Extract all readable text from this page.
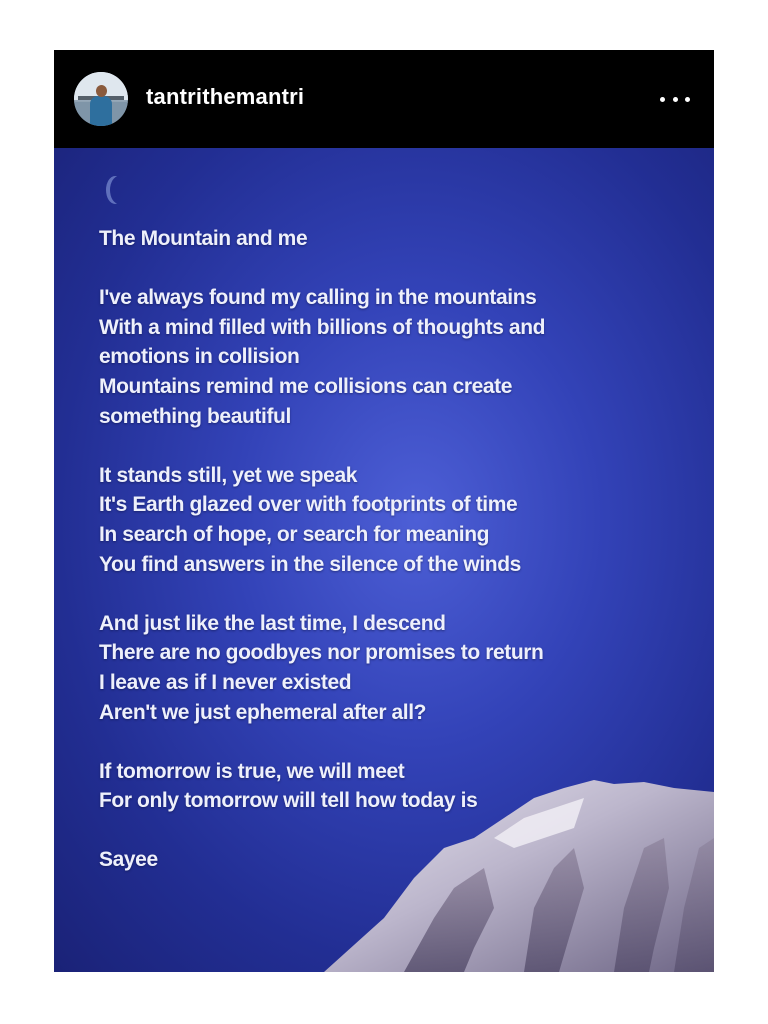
tantrithemantri
The Mountain and me
I've always found my calling in the mountains
With a mind filled with billions of thoughts and
emotions in collision
Mountains remind me collisions can create
something beautiful
It stands still, yet we speak
It's Earth glazed over with footprints of time
In search of hope, or search for meaning
You find answers in the silence of the winds
And just like the last time, I descend
There are no goodbyes nor promises to return
I leave as if I never existed
Aren't we just ephemeral after all?
If tomorrow is true, we will meet
For only tomorrow will tell how today is
Sayee
